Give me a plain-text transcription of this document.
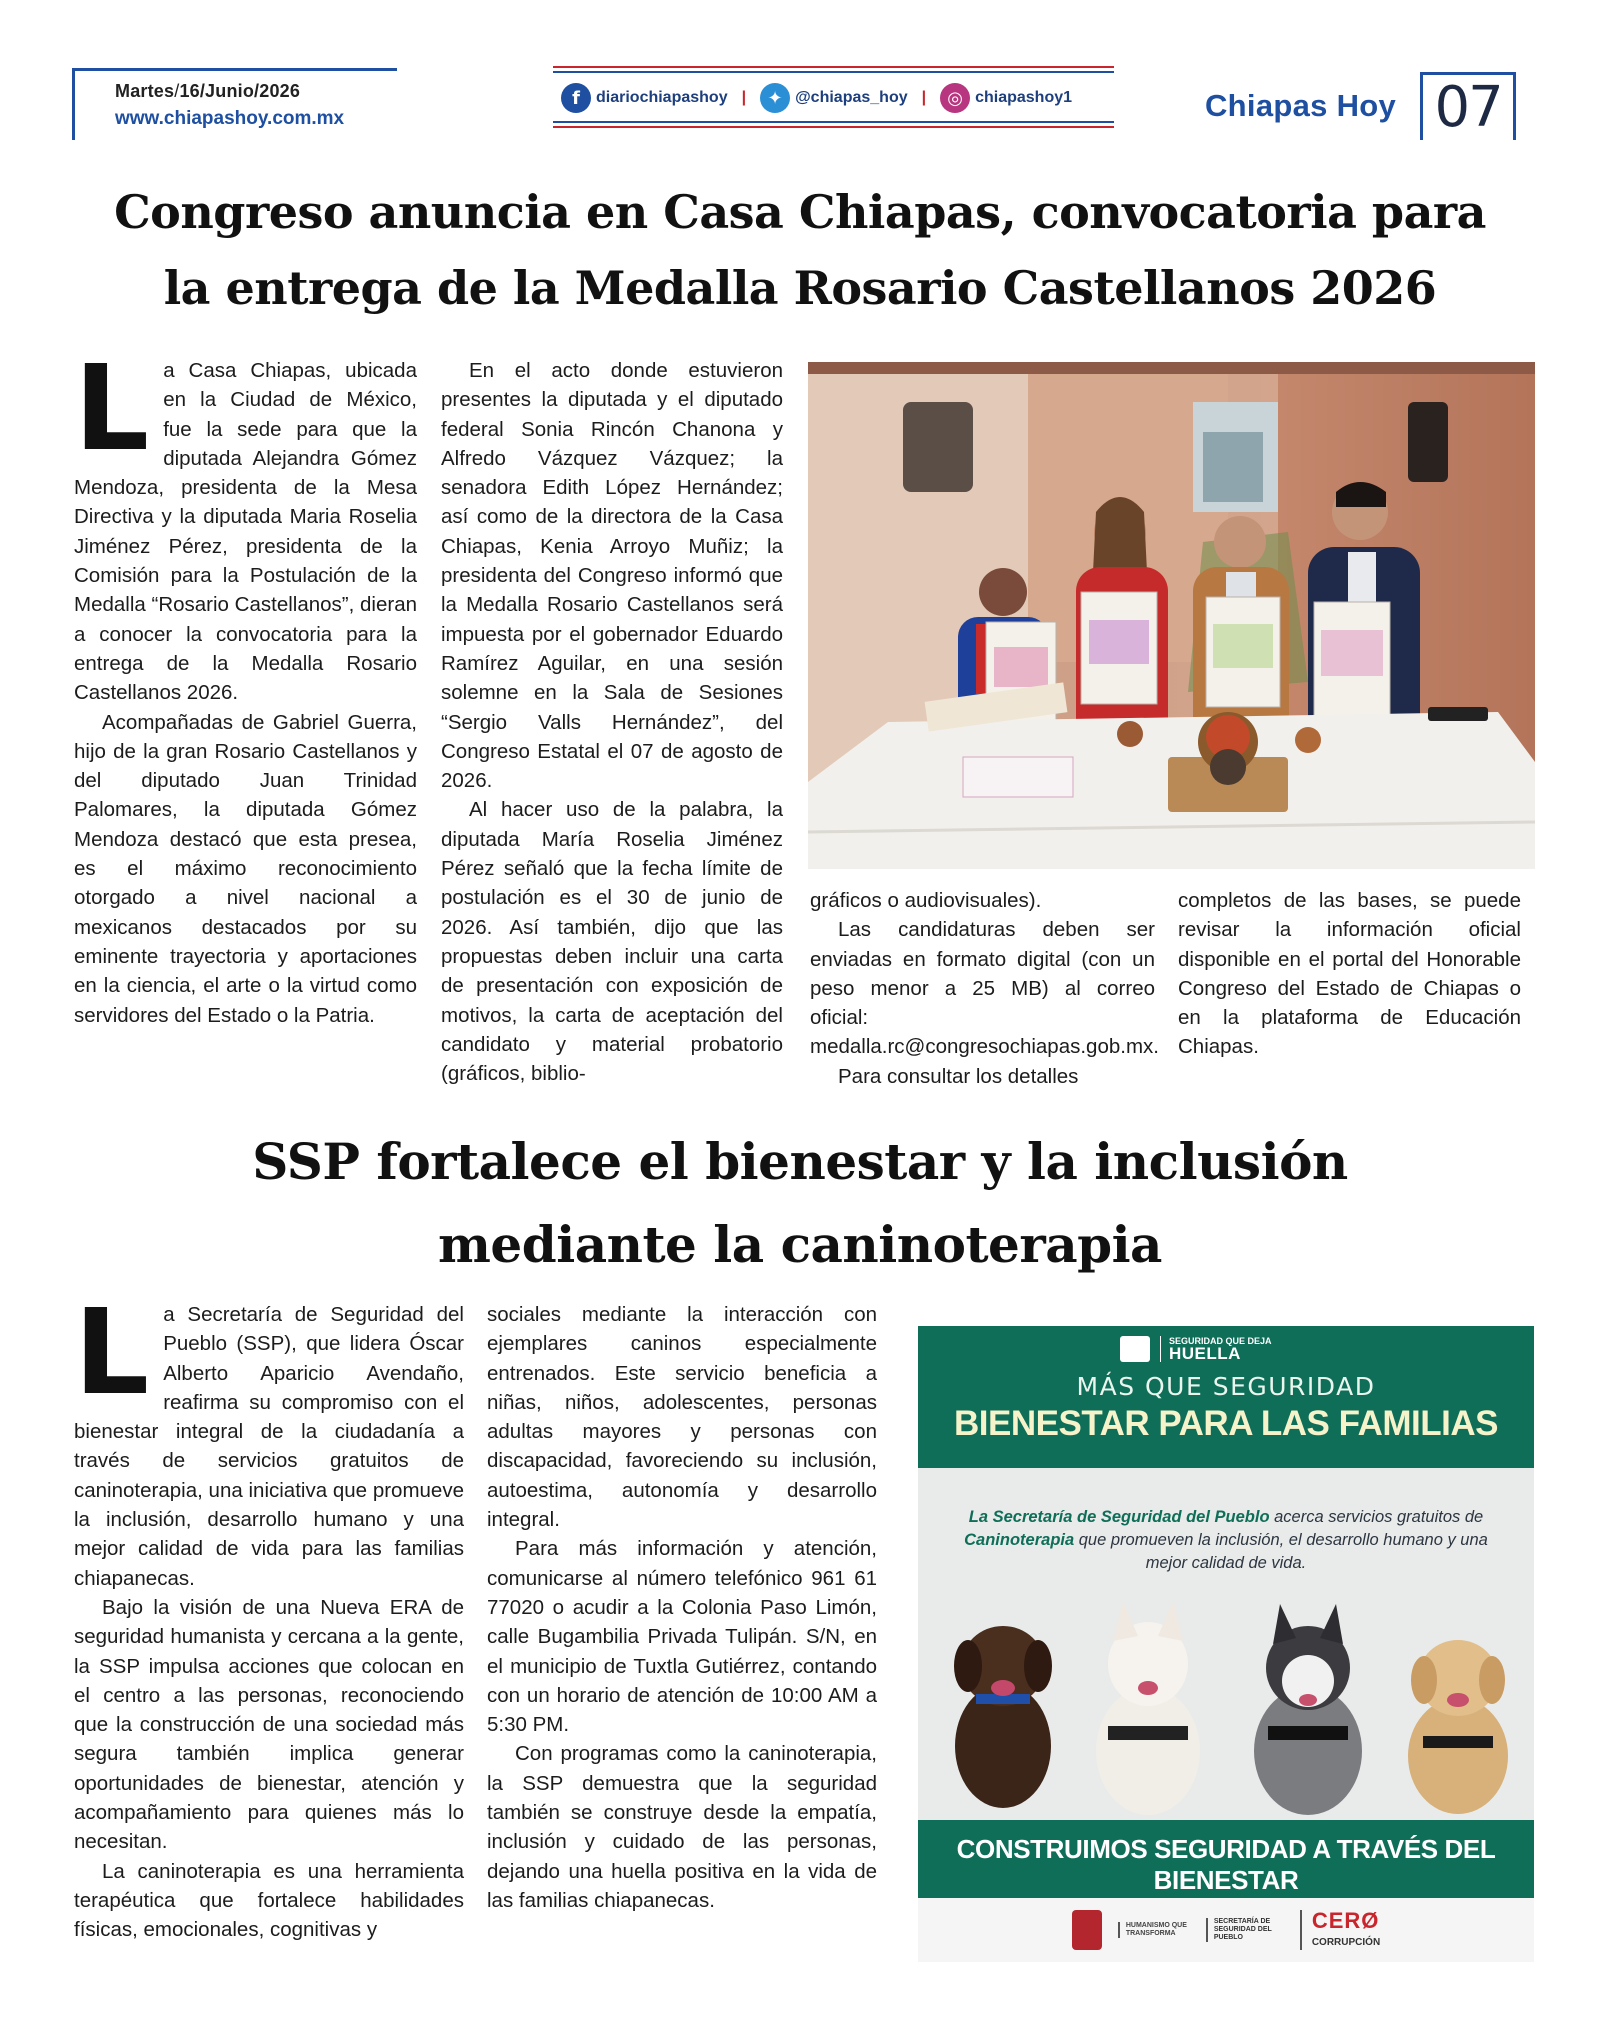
Martes/16/Junio/2026
www.chiapashoy.com.mx
f	diariochiapashoy |	✦ @chiapas_hoy |	◎ chiapashoy1	Chiapas Hoy 07
Congreso anuncia en Casa Chiapas, convocatoria para
la entrega de la Medalla Rosario Castellanos 2026
L a Casa Chiapas, ubicada en la Ciudad de México, fue la sede para que la diputada Alejandra Gómez Mendoza, presidenta de la Mesa Directiva y la diputada Maria Roselia Jiménez Pérez, presidenta de la Comisión para la Postulación de la Medalla “Rosario Castellanos”, dieran a conocer la convocatoria para la entrega de la Medalla Rosario Castellanos 2026.

Acompañadas de Gabriel Guerra, hijo de la gran Rosario Castellanos y del diputado Juan Trinidad Palomares, la diputada Gómez Mendoza destacó que esta presea, es el máximo reconocimiento otorgado a nivel nacional a mexicanos destacados por su eminente trayectoria y aportaciones en la ciencia, el arte o la virtud como servidores del Estado o la Patria.

En el acto donde estuvieron presentes la diputada y el diputado federal Sonia Rincón Chanona y Alfredo Vázquez Vázquez; la senadora Edith López Hernández; así como de la directora de la Casa Chiapas, Kenia Arroyo Muñiz; la presidenta del Congreso informó que la Medalla Rosario Castellanos será impuesta por el gobernador Eduardo Ramírez Aguilar, en una sesión solemne en la Sala de Sesiones “Sergio Valls Hernández”, del Congreso Estatal el 07 de agosto de 2026.

Al hacer uso de la palabra, la diputada María Roselia Jiménez Pérez señaló que la fecha límite de postulación es el 30 de junio de 2026. Así también, dijo que las propuestas deben incluir una carta de presentación con exposición de motivos, la carta de aceptación del candidato y material probatorio (gráficos, biblio-

gráficos o audiovisuales).

Las candidaturas deben ser enviadas en formato digital (con un peso menor a 25 MB) al correo oficial: medalla.rc@congresochiapas.gob.mx.

Para consultar los detalles

completos de las bases, se puede revisar la información oficial disponible en el portal del Honorable Congreso del Estado de Chiapas o en la plataforma de Educación Chiapas.

SSP fortalece el bienestar y la inclusión
mediante la caninoterapia
L a Secretaría de Seguridad del Pueblo (SSP), que lidera Óscar Alberto Aparicio Avendaño, reafirma su compromiso con el bienestar integral de la ciudadanía a través de servicios gratuitos de caninoterapia, una iniciativa que promueve la inclusión, desarrollo humano y una mejor calidad de vida para las familias chiapanecas.

Bajo la visión de una Nueva ERA de seguridad humanista y cercana a la gente, la SSP impulsa acciones que colocan en el centro a las personas, reconociendo que la construcción de una sociedad más segura también implica generar oportunidades de bienestar, atención y acompañamiento para quienes más lo necesitan.

La caninoterapia es una herramienta terapéutica que fortalece habilidades físicas, emocionales, cognitivas y

sociales mediante la interacción con ejemplares caninos especialmente entrenados. Este servicio beneficia a niñas, niños, adolescentes, personas adultas mayores y personas con discapacidad, favoreciendo su inclusión, autoestima, autonomía y desarrollo integral.

Para más información y atención, comunicarse al número telefónico 961 61 77020 o acudir a la Colonia Paso Limón, calle Bugambilia Privada Tulipán. S/N, en el municipio de Tuxtla Gutiérrez, contando con un horario de atención de 10:00 AM a 5:30 PM.

Con programas como la caninoterapia, la SSP demuestra que la seguridad también se construye desde la empatía, inclusión y cuidado de las personas, dejando una huella positiva en la vida de las familias chiapanecas.

SEGURIDAD QUE DEJA
HUELLA
MÁS QUE SEGURIDAD
BIENESTAR PARA LAS FAMILIAS
La Secretaría de Seguridad del Pueblo acerca servicios gratuitos de Caninoterapia que promueven la inclusión, el desarrollo humano y una mejor calidad de vida.
CONSTRUIMOS SEGURIDAD A TRAVÉS DEL BIENESTAR
HUMANISMO QUE TRANSFORMA
SECRETARÍA DE SEGURIDAD DEL PUEBLO
CERØ
CORRUPCIÓN
